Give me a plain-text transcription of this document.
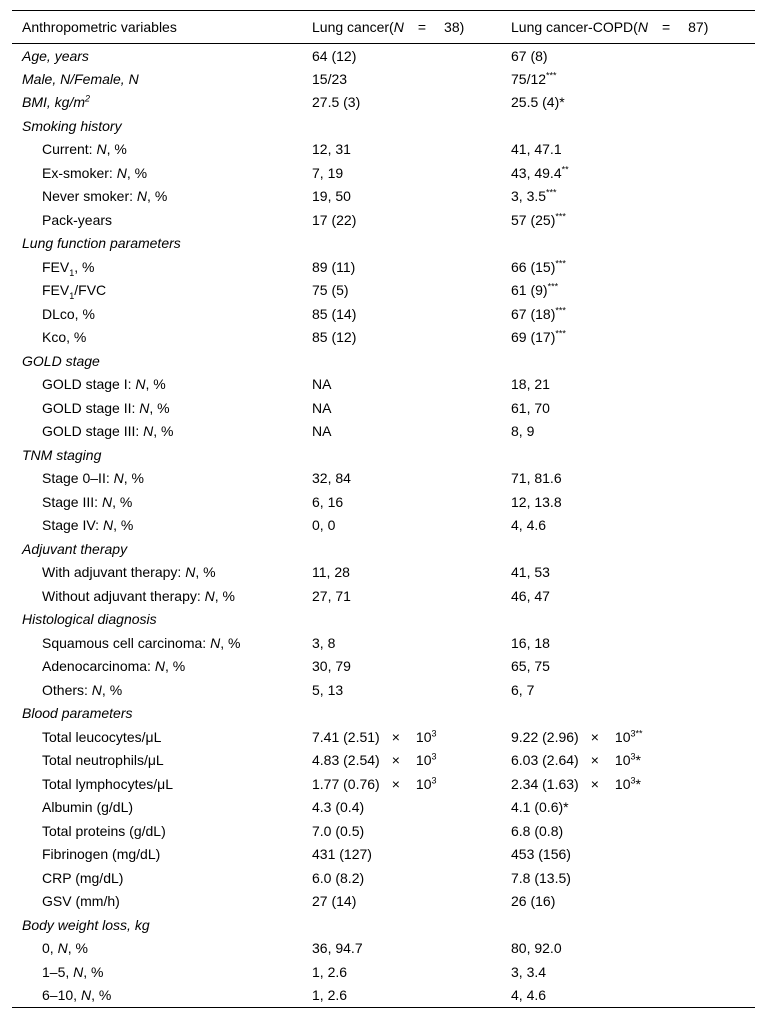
Anthropometric variables	Lung cancer(N = 38)	Lung cancer-COPD(N = 87)
Age, years	64 (12)	67 (8)
Male, N/Female, N	15/23	75/12***
BMI, $kg/m^2$	27.5 (3)	25.5 (4)*
Smoking history		
Current: N, %	12, 31	41, 47.1
Ex-smoker: N, %	7, 19	43, 49.4**
Never smoker: N, %	19, 50	3, 3.5***
Pack-years	17 (22)	57 (25)***
Lung function parameters		
$FEV_1$, %	89 (11)	66 (15)***
$FEV_1$/FVC	75 (5)	61 (9)***
DLco, %	85 (14)	67 (18)***
Kco, %	85 (12)	69 (17)***
GOLD stage		
GOLD stage I: N, %	NA	18, 21
GOLD stage II: N, %	NA	61, 70
GOLD stage III: N, %	NA	8, 9
TNM staging		
Stage 0–II: N, %	32, 84	71, 81.6
Stage III: N, %	6, 16	12, 13.8
Stage IV: N, %	0, 0	4, 4.6
Adjuvant therapy		
With adjuvant therapy: N, %	11, 28	41, 53
Without adjuvant therapy: N, %	27, 71	46, 47
Histological diagnosis		
Squamous cell carcinoma: N, %	3, 8	16, 18
Adenocarcinoma: N, %	30, 79	65, 75
Others: N, %	5, 13	6, 7
Blood parameters		
Total leucocytes/μL	7.41 $(2.51) \times 10^3$	9.22 $(2.96) \times 10^{3**}$
Total neutrophils/μL	4.83 $(2.54) \times 10^3$	6.03 $(2.64) \times 10^3*$
Total lymphocytes/μL	1.77 $(0.76) \times 10^3$	2.34 $(1.63) \times 10^3*$
Albumin (g/dL)	4.3 (0.4)	4.1 (0.6)*
Total proteins (g/dL)	7.0 (0.5)	6.8 (0.8)
Fibrinogen (mg/dL)	431 (127)	453 (156)
CRP (mg/dL)	6.0 (8.2)	7.8 (13.5)
GSV (mm/h)	27 (14)	26 (16)
Body weight loss, kg		
0, N, %	36, 94.7	80, 92.0
1–5, N, %	1, 2.6	3, 3.4
6–10, N, %	1, 2.6	4, 4.6
